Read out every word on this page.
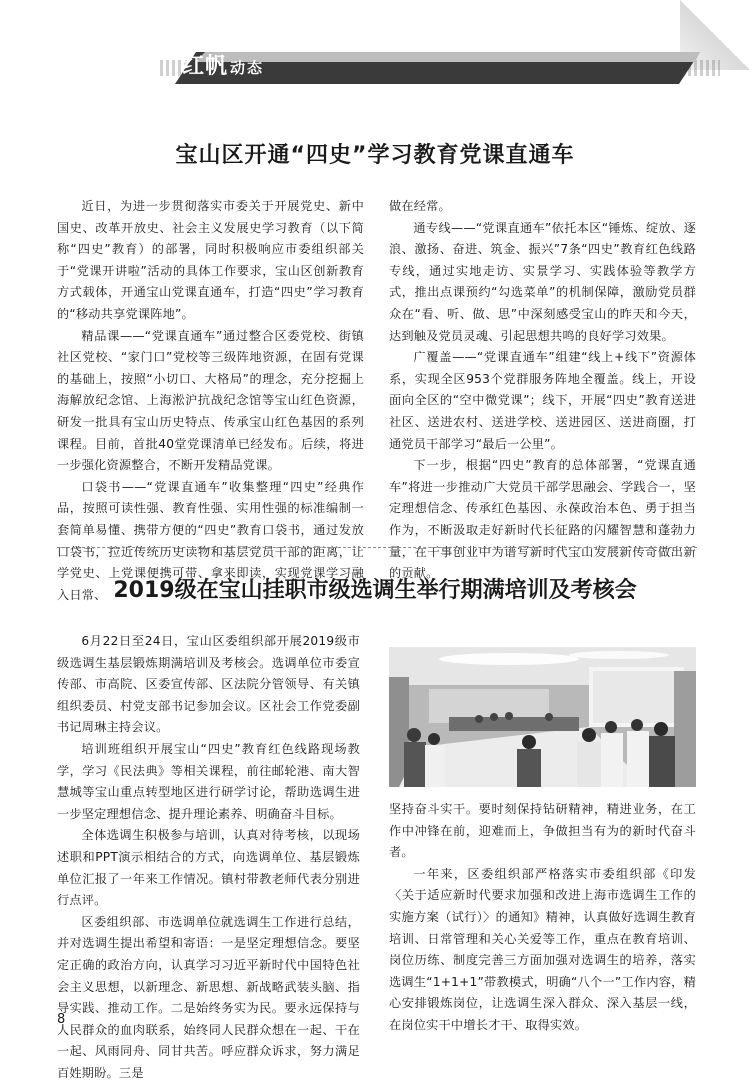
红帆 动态
宝山区开通“四史”学习教育党课直通车

近日，为进一步贯彻落实市委关于开展党史、新中国史、改革开放史、社会主义发展史学习教育（以下简称“四史”教育）的部署，同时积极响应市委组织部关于“党课开讲啦”活动的具体工作要求，宝山区创新教育方式载体，开通宝山党课直通车，打造“四史”学习教育的“移动共享党课阵地”。

精品课——“党课直通车”通过整合区委党校、街镇社区党校、“家门口”党校等三级阵地资源，在固有党课的基础上，按照“小切口、大格局”的理念，充分挖掘上海解放纪念馆、上海淞沪抗战纪念馆等宝山红色资源，研发一批具有宝山历史特点、传承宝山红色基因的系列课程。目前，首批40堂党课清单已经发布。后续，将进一步强化资源整合，不断开发精品党课。

口袋书——“党课直通车”收集整理“四史”经典作品，按照可读性强、教育性强、实用性强的标准编制一套简单易懂、携带方便的“四史”教育口袋书，通过发放口袋书，拉近传统历史读物和基层党员干部的距离，让学党史、上党课便携可带、拿来即读，实现党课学习融入日常、

做在经常。

通专线——“党课直通车”依托本区“锤炼、绽放、逐浪、激扬、奋进、筑金、振兴”7条“四史”教育红色线路专线，通过实地走访、实景学习、实践体验等教学方式，推出点课预约“勾选菜单”的机制保障，激励党员群众在“看、听、做、思”中深刻感受宝山的昨天和今天，达到触及党员灵魂、引起思想共鸣的良好学习效果。

广覆盖——“党课直通车”组建“线上+线下”资源体系，实现全区953个党群服务阵地全覆盖。线上，开设面向全区的“空中微党课”；线下，开展“四史”教育送进社区、送进农村、送进学校、送进园区、送进商圈，打通党员干部学习“最后一公里”。

下一步，根据“四史”教育的总体部署，“党课直通车”将进一步推动广大党员干部学思融会、学践合一，坚定理想信念、传承红色基因、永葆政治本色、勇于担当作为，不断汲取走好新时代长征路的闪耀智慧和蓬勃力量，在干事创业中为谱写新时代宝山发展新传奇做出新的贡献。

2019级在宝山挂职市级选调生举行期满培训及考核会

6月22日至24日，宝山区委组织部开展2019级市级选调生基层锻炼期满培训及考核会。选调单位市委宣传部、市高院、区委宣传部、区法院分管领导、有关镇组织委员、村党支部书记参加会议。区社会工作党委副书记周琳主持会议。

培训班组织开展宝山“四史”教育红色线路现场教学，学习《民法典》等相关课程，前往邮轮港、南大智慧城等宝山重点转型地区进行研学讨论，帮助选调生进一步坚定理想信念、提升理论素养、明确奋斗目标。

全体选调生积极参与培训，认真对待考核，以现场述职和PPT演示相结合的方式，向选调单位、基层锻炼单位汇报了一年来工作情况。镇村带教老师代表分别进行点评。

区委组织部、市选调单位就选调生工作进行总结，并对选调生提出希望和寄语：一是坚定理想信念。要坚定正确的政治方向，认真学习习近平新时代中国特色社会主义思想，以新理念、新思想、新战略武装头脑、指导实践、推动工作。二是始终务实为民。要永远保持与人民群众的血肉联系，始终同人民群众想在一起、干在一起、风雨同舟、同甘共苦。呼应群众诉求，努力满足百姓期盼。三是

坚持奋斗实干。要时刻保持钻研精神，精进业务，在工作中冲锋在前，迎难而上，争做担当有为的新时代奋斗者。

一年来，区委组织部严格落实市委组织部《印发〈关于适应新时代要求加强和改进上海市选调生工作的实施方案（试行）〉的通知》精神，认真做好选调生教育培训、日常管理和关心关爱等工作，重点在教育培训、岗位历练、制度完善三方面加强对选调生的培养，落实选调生“1+1+1”带教模式，明确“八个一”工作内容，精心安排锻炼岗位，让选调生深入群众、深入基层一线，在岗位实干中增长才干、取得实效。

8
